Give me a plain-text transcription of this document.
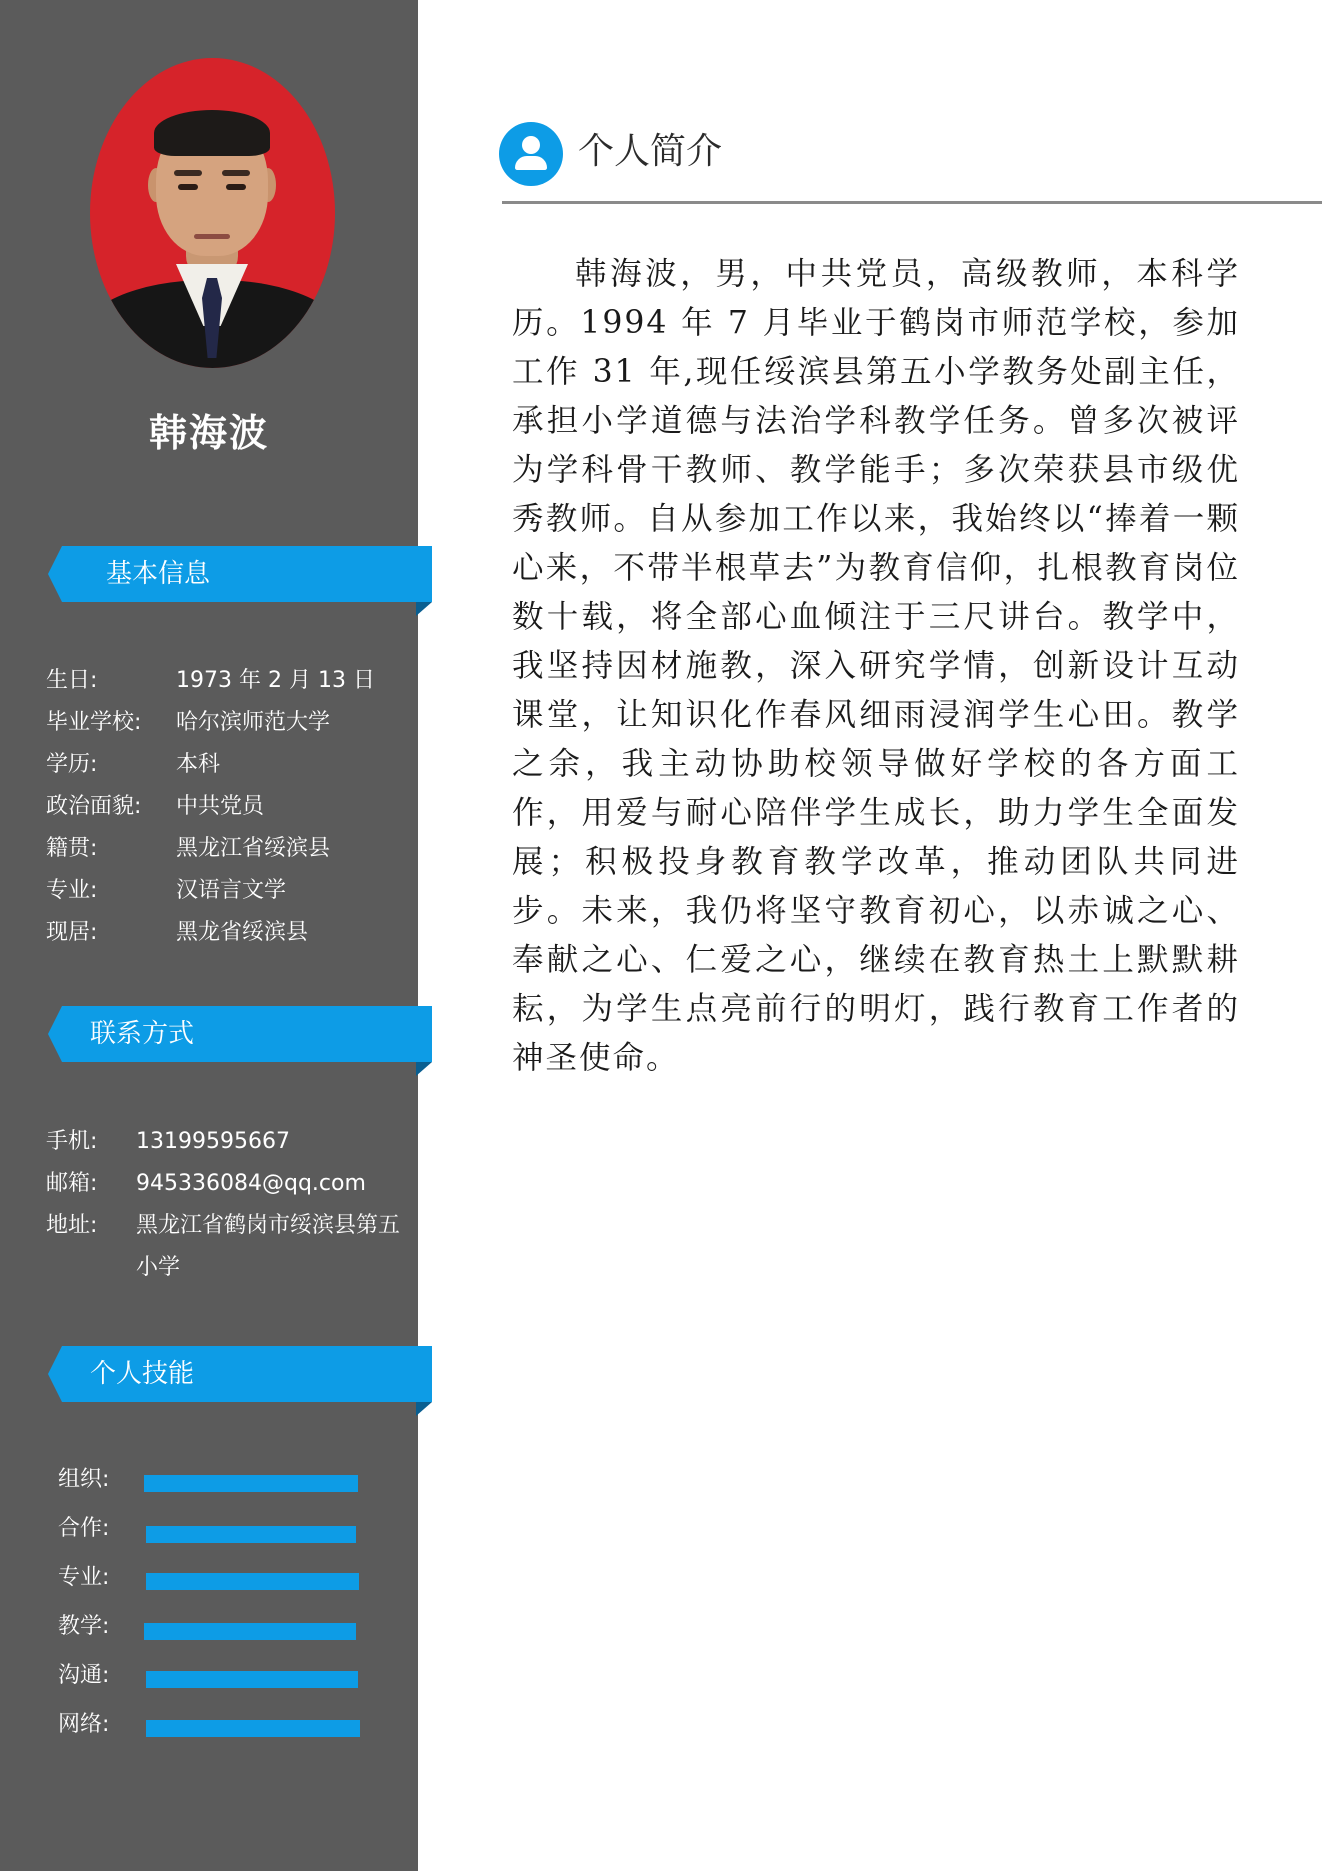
韩海波
基本信息
生日:	1973 年 2 月 13 日
毕业学校: 哈尔滨师范大学
学历:	本科
政治面貌: 中共党员
籍贯:	黑龙江省绥滨县
专业:	汉语言文学
现居:	黑龙省绥滨县
联系方式
手机:	13199595667
邮箱:	945336084@qq.com
地址:	黑龙江省鹤岗市绥滨县第五小学
个人技能
组织:
合作:
专业:
教学:
沟通:
网络:
个人简介
韩海波，男，中共党员，高级教师，本科学历。1994 年 7 月毕业于鹤岗市师范学校，参加工作 31 年,现任绥滨县第五小学教务处副主任，承担小学道德与法治学科教学任务。曾多次被评为学科骨干教师、教学能手；多次荣获县市级优秀教师。自从参加工作以来，我始终以“捧着一颗心来，不带半根草去”为教育信仰，扎根教育岗位数十载，将全部心血倾注于三尺讲台。教学中，我坚持因材施教，深入研究学情，创新设计互动课堂，让知识化作春风细雨浸润学生心田。教学之余，我主动协助校领导做好学校的各方面工作，用爱与耐心陪伴学生成长，助力学生全面发展；积极投身教育教学改革，推动团队共同进步。未来，我仍将坚守教育初心，以赤诚之心、奉献之心、仁爱之心，继续在教育热土上默默耕耘，为学生点亮前行的明灯，践行教育工作者的神圣使命。
